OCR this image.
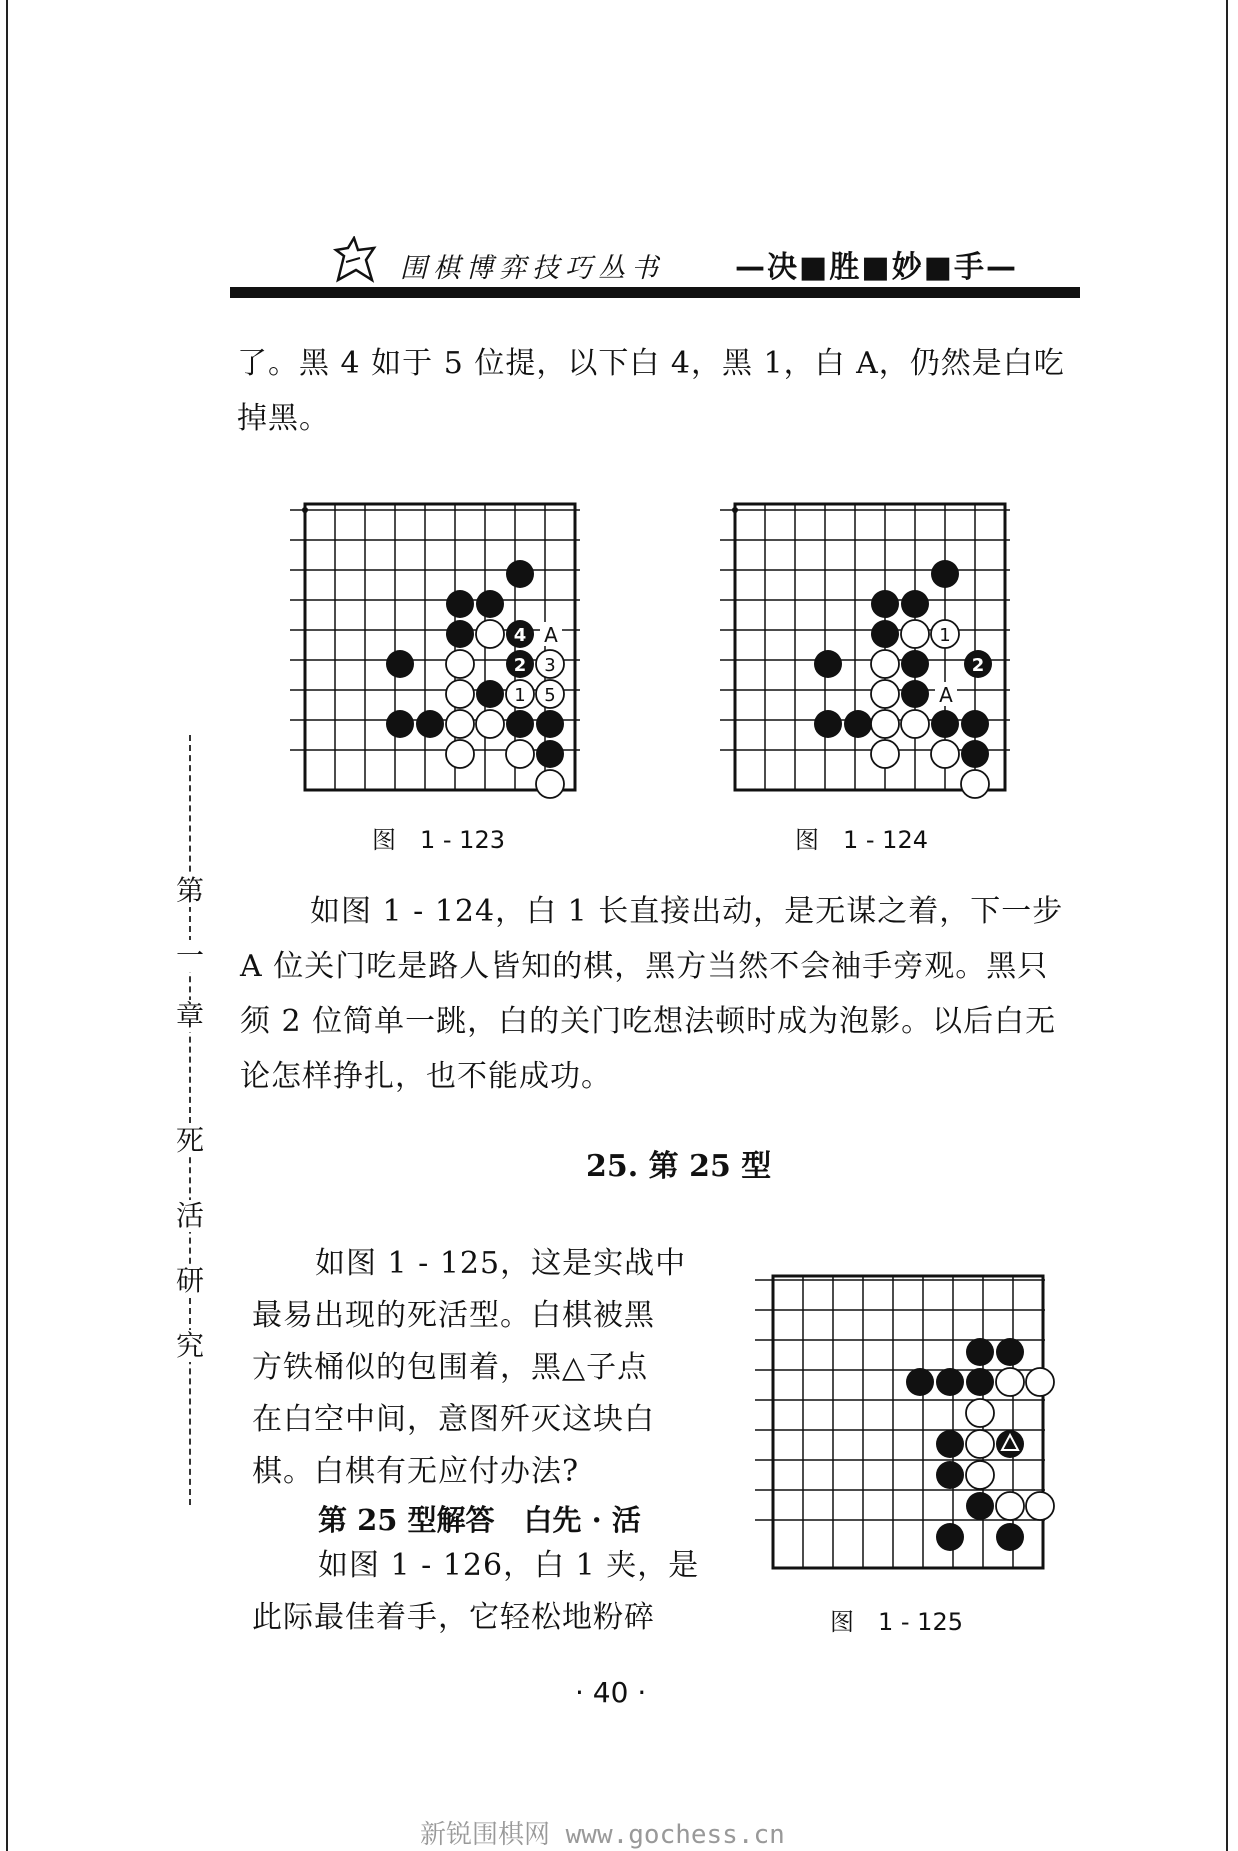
围棋博弈技巧丛书 —决■胜■妙■手—
了。黑 4 如于 5 位提，以下白 4，黑 1，白 A，仍然是白吃
掉黑。
4
2 3
1 5
A
图　1 - 123
1
2
A
图　1 - 124
如图 1 - 124，白 1 长直接出动，是无谋之着，下一步
A 位关门吃是路人皆知的棋，黑方当然不会袖手旁观。黑只
须 2 位简单一跳，白的关门吃想法顿时成为泡影。以后白无
论怎样挣扎，也不能成功。
25. 第 25 型
如图 1 - 125，这是实战中
最易出现的死活型。白棋被黑
方铁桶似的包围着，黑△子点
在白空中间，意图歼灭这块白
棋。白棋有无应付办法?
第 25 型解答　白先 · 活
如图 1 - 126，白 1 夹，是
此际最佳着手，它轻松地粉碎	图　1 - 125
第
一
章
死
活
研
究
· 40 ·
新锐围棋网 www.gochess.cn
